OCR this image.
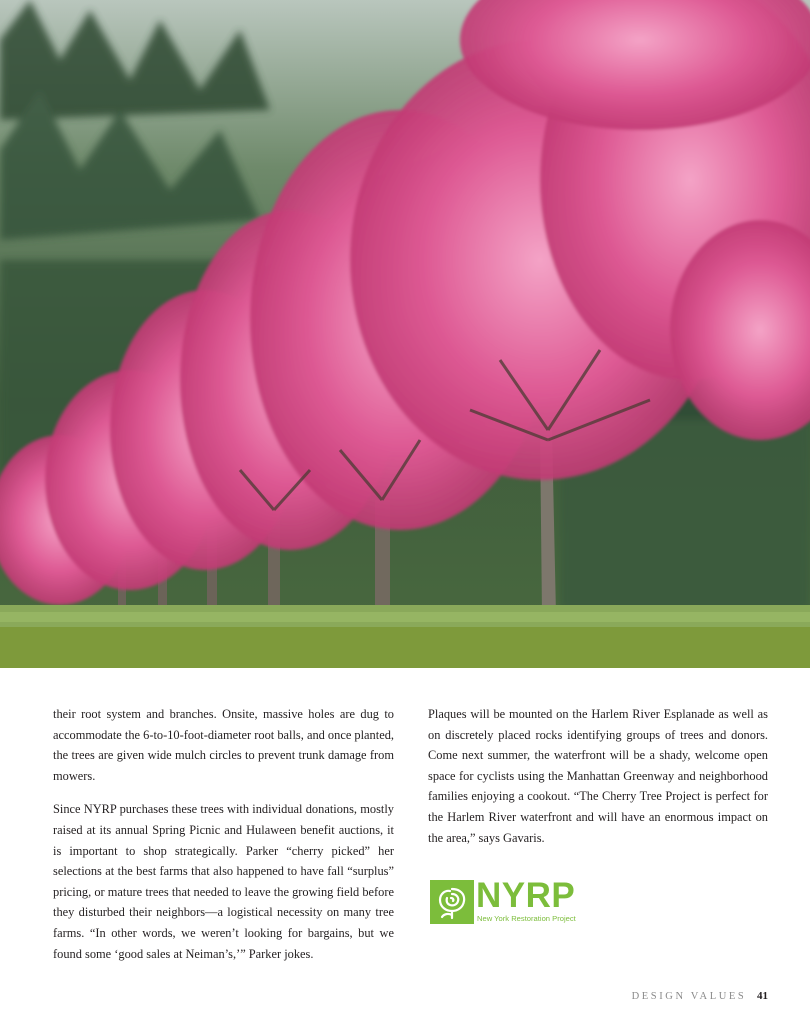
their root system and branches. Onsite, massive holes are dug to accommodate the 6-to-10-foot-diameter root balls, and once planted, the trees are given wide mulch circles to prevent trunk damage from mowers.

Since NYRP purchases these trees with individual donations, mostly raised at its annual Spring Picnic and Hulaween benefit auctions, it is important to shop strategically. Parker “cherry picked” her selections at the best farms that also happened to have fall “surplus” pricing, or mature trees that needed to leave the growing field before they disturbed their neighbors—a logistical necessity on many tree farms. “In other words, we weren’t looking for bargains, but we found some ‘good sales at Neiman’s,’” Parker jokes.

Plaques will be mounted on the Harlem River Esplanade as well as on discretely placed rocks identifying groups of trees and donors. Come next summer, the waterfront will be a shady, welcome open space for cyclists using the Manhattan Greenway and neighborhood families enjoying a cookout. “The Cherry Tree Project is perfect for the Harlem River waterfront and will have an enormous impact on the area,” says Gavaris.

NYRP
New York Restoration Project
DESIGN VALUES 41
